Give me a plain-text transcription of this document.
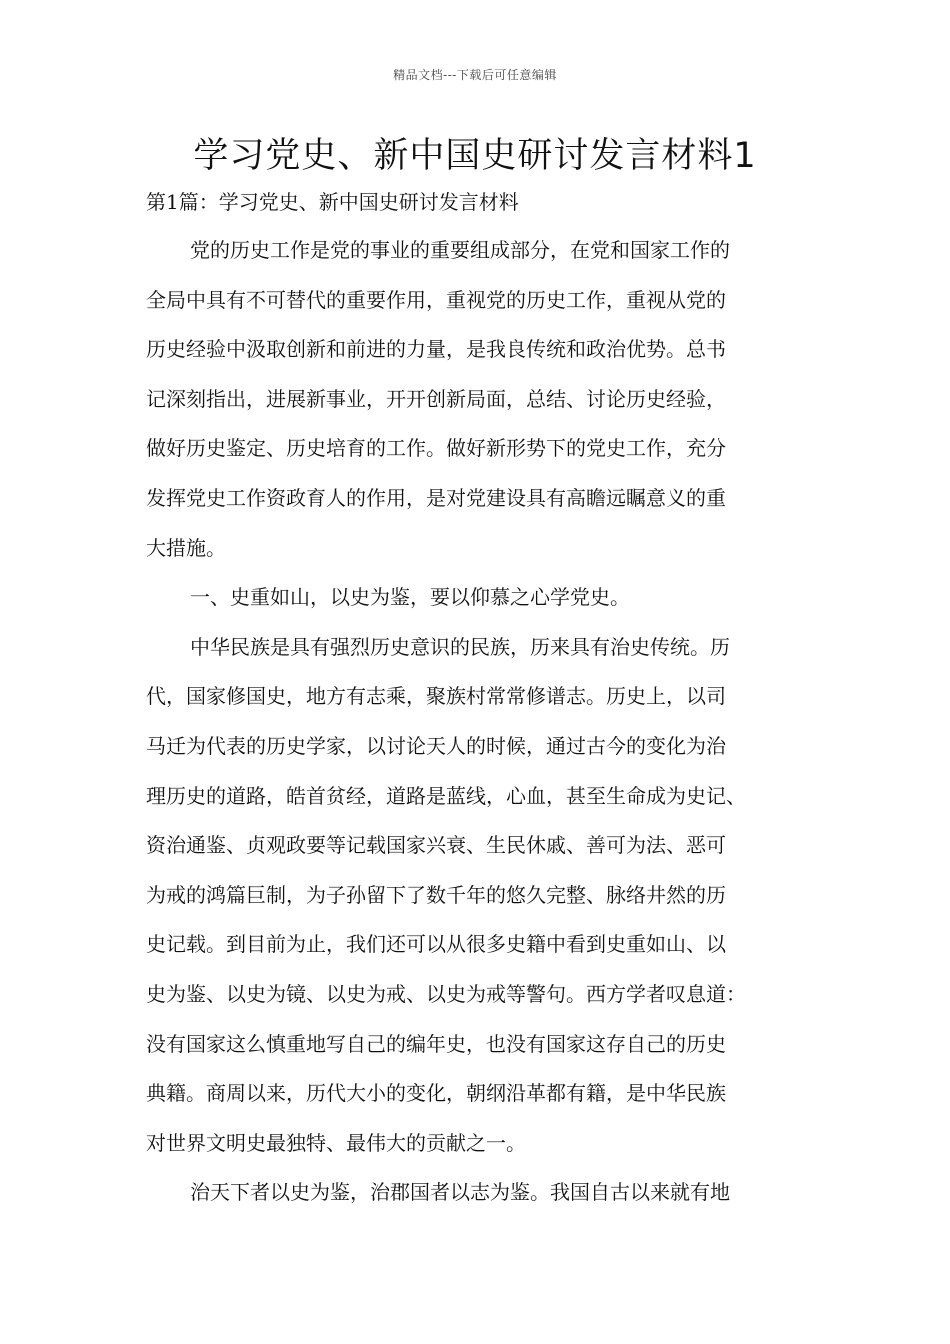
精品文档---下载后可任意编辑
学习党史、新中国史研讨发言材料1
第1篇：学习党史、新中国史研讨发言材料
党的历史工作是党的事业的重要组成部分，在党和国家工作的
全局中具有不可替代的重要作用，重视党的历史工作，重视从党的
历史经验中汲取创新和前进的力量，是我良传统和政治优势。总书
记深刻指出，进展新事业，开开创新局面，总结、讨论历史经验，
做好历史鉴定、历史培育的工作。做好新形势下的党史工作，充分
发挥党史工作资政育人的作用，是对党建设具有高瞻远瞩意义的重
大措施。
一、史重如山，以史为鉴，要以仰慕之心学党史。
中华民族是具有强烈历史意识的民族，历来具有治史传统。历
代，国家修国史，地方有志乘，聚族村常常修谱志。历史上，以司
马迁为代表的历史学家，以讨论天人的时候，通过古今的变化为治
理历史的道路，皓首贫经，道路是蓝线，心血，甚至生命成为史记、
资治通鉴、贞观政要等记载国家兴衰、生民休戚、善可为法、恶可
为戒的鸿篇巨制，为子孙留下了数千年的悠久完整、脉络井然的历
史记载。到目前为止，我们还可以从很多史籍中看到史重如山、以
史为鉴、以史为镜、以史为戒、以史为戒等警句。西方学者叹息道：
没有国家这么慎重地写自己的编年史，也没有国家这存自己的历史
典籍。商周以来，历代大小的变化，朝纲沿革都有籍，是中华民族
对世界文明史最独特、最伟大的贡献之一。
治天下者以史为鉴，治郡国者以志为鉴。我国自古以来就有地
